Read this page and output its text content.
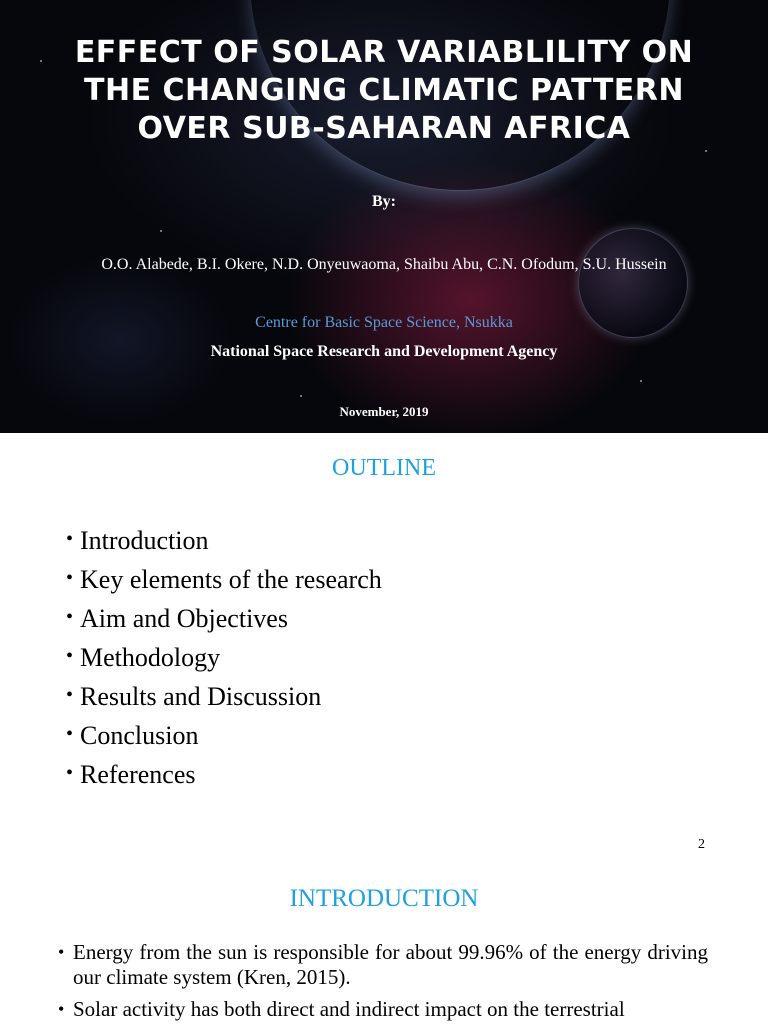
EFFECT OF SOLAR VARIABLILITY ON
THE CHANGING CLIMATIC PATTERN
OVER SUB-SAHARAN AFRICA
By:
O.O. Alabede, B.I. Okere, N.D. Onyeuwaoma, Shaibu Abu, C.N. Ofodum, S.U. Hussein
Centre for Basic Space Science, Nsukka
National Space Research and Development Agency
November, 2019
OUTLINE
• Introduction
• Key elements of the research
• Aim and Objectives
• Methodology
• Results and Discussion
• Conclusion
• References
2
INTRODUCTION
• Energy from the sun is responsible for about 99.96% of the energy driving our climate system (Kren, 2015).
• Solar activity has both direct and indirect impact on the terrestrial
